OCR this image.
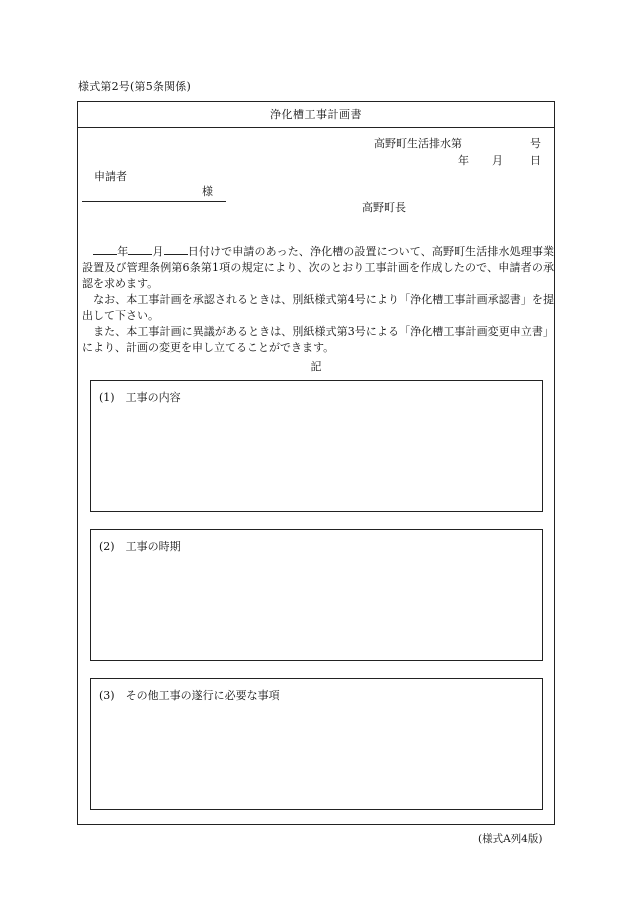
様式第2号(第5条関係)
浄化槽工事計画書
高野町生活排水第	号
年 月 日
申請者
様
高野町長

　年 月 日付けで申請のあった、浄化槽の設置について、高野町生活排水処理事業設置及び管理条例第6条第1項の規定により、次のとおり工事計画を作成したので、申請者の承認を求めます。

　なお、本工事計画を承認されるときは、別紙様式第4号により「浄化槽工事計画承認書」を提出して下さい。

　また、本工事計画に異議があるときは、別紙様式第3号による「浄化槽工事計画変更申立書」により、計画の変更を申し立てることができます。

記
(1)　工事の内容
(2)　工事の時期
(3)　その他工事の遂行に必要な事項
(様式A列4版)
